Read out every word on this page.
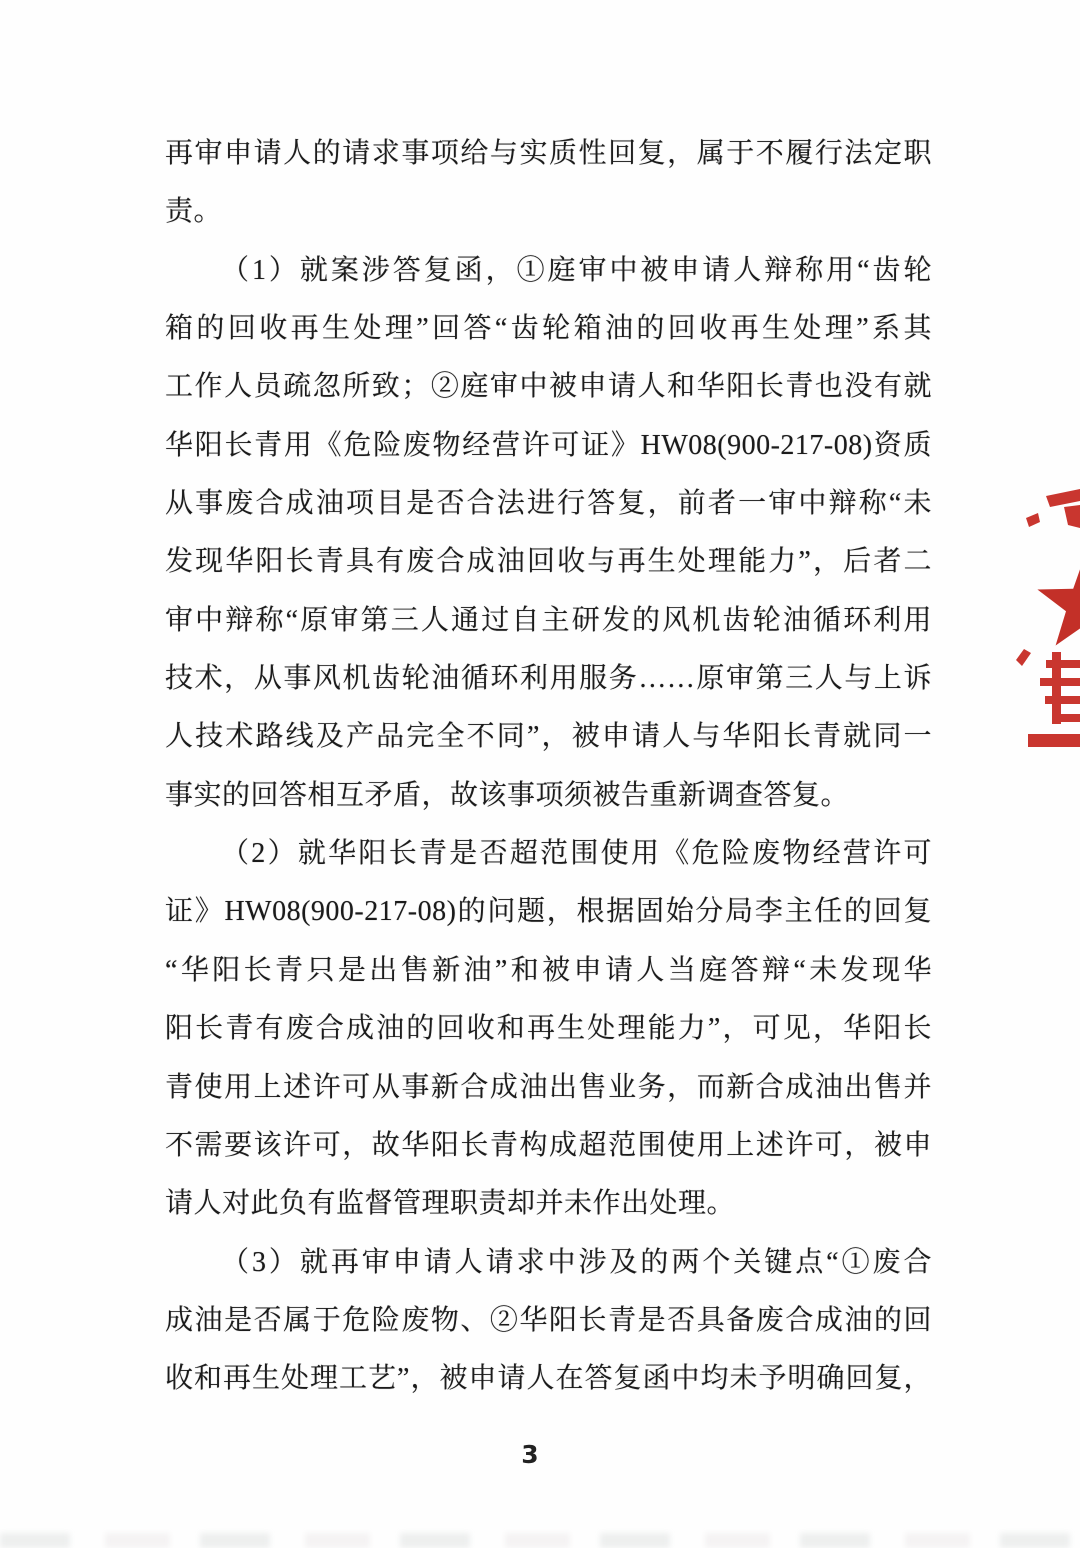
再审申请人的请求事项给与实质性回复，属于不履行法定职
责。
（1）就案涉答复函，①庭审中被申请人辩称用“齿轮
箱的回收再生处理”回答“齿轮箱油的回收再生处理”系其
工作人员疏忽所致；②庭审中被申请人和华阳长青也没有就
华阳长青用《危险废物经营许可证》HW08(900-217-08)资质
从事废合成油项目是否合法进行答复，前者一审中辩称“未
发现华阳长青具有废合成油回收与再生处理能力”，后者二
审中辩称“原审第三人通过自主研发的风机齿轮油循环利用
技术，从事风机齿轮油循环利用服务……原审第三人与上诉
人技术路线及产品完全不同”，被申请人与华阳长青就同一
事实的回答相互矛盾，故该事项须被告重新调查答复。
（2）就华阳长青是否超范围使用《危险废物经营许可
证》HW08(900-217-08)的问题，根据固始分局李主任的回复
“华阳长青只是出售新油”和被申请人当庭答辩“未发现华
阳长青有废合成油的回收和再生处理能力”，可见，华阳长
青使用上述许可从事新合成油出售业务，而新合成油出售并
不需要该许可，故华阳长青构成超范围使用上述许可，被申
请人对此负有监督管理职责却并未作出处理。
（3）就再审申请人请求中涉及的两个关键点“①废合
成油是否属于危险废物、②华阳长青是否具备废合成油的回
收和再生处理工艺”，被申请人在答复函中均未予明确回复，
3
